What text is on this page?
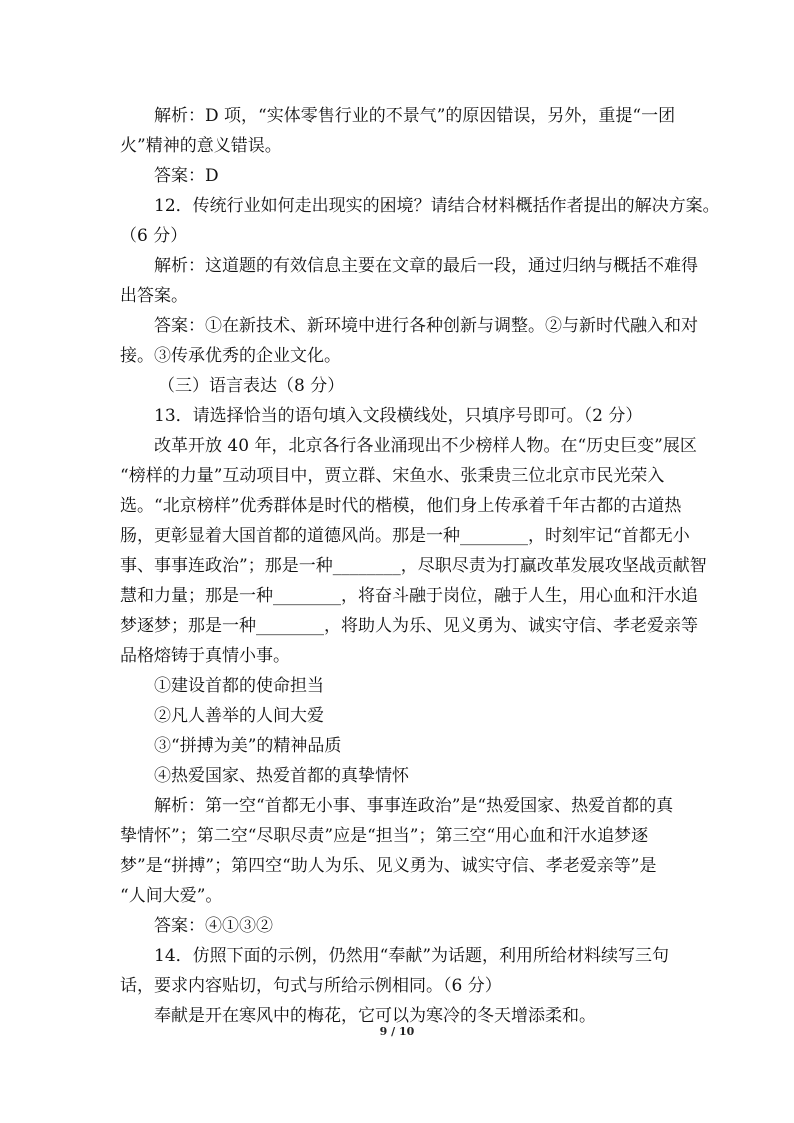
解析：D 项，“实体零售行业的不景气”的原因错误，另外，重提“一团
火”精神的意义错误。
答案：D
12．传统行业如何走出现实的困境？请结合材料概括作者提出的解决方案。
（6 分）
解析：这道题的有效信息主要在文章的最后一段，通过归纳与概括不难得
出答案。
答案：①在新技术、新环境中进行各种创新与调整。②与新时代融入和对
接。③传承优秀的企业文化。
（三）语言表达（8 分）
13．请选择恰当的语句填入文段横线处，只填序号即可。（2 分）
改革开放 40 年，北京各行各业涌现出不少榜样人物。在“历史巨变”展区
“榜样的力量”互动项目中，贾立群、宋鱼水、张秉贵三位北京市民光荣入
选。“北京榜样”优秀群体是时代的楷模，他们身上传承着千年古都的古道热
肠，更彰显着大国首都的道德风尚。那是一种________，时刻牢记“首都无小
事、事事连政治”；那是一种________，尽职尽责为打赢改革发展攻坚战贡献智
慧和力量；那是一种________，将奋斗融于岗位，融于人生，用心血和汗水追
梦逐梦；那是一种________，将助人为乐、见义勇为、诚实守信、孝老爱亲等
品格熔铸于真情小事。
①建设首都的使命担当
②凡人善举的人间大爱
③“拼搏为美”的精神品质
④热爱国家、热爱首都的真挚情怀
解析：第一空“首都无小事、事事连政治”是“热爱国家、热爱首都的真
挚情怀”；第二空“尽职尽责”应是“担当”；第三空“用心血和汗水追梦逐
梦”是“拼搏”；第四空“助人为乐、见义勇为、诚实守信、孝老爱亲等”是
“人间大爱”。
答案：④①③②
14．仿照下面的示例，仍然用“奉献”为话题，利用所给材料续写三句
话，要求内容贴切，句式与所给示例相同。（6 分）
奉献是开在寒风中的梅花，它可以为寒冷的冬天增添柔和。
9 / 10
